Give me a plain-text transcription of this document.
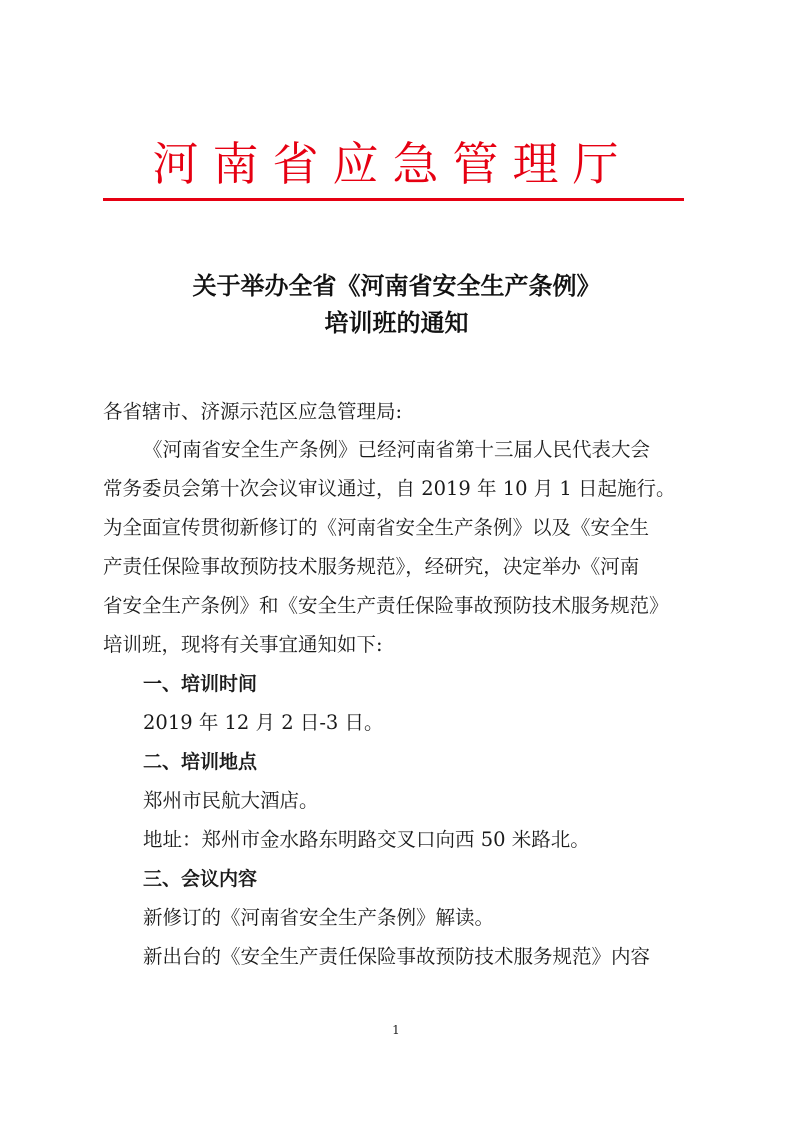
河南省应急管理厅
关于举办全省《河南省安全生产条例》
培训班的通知
各省辖市、济源示范区应急管理局:
《河南省安全生产条例》已经河南省第十三届人民代表大会
常务委员会第十次会议审议通过，自 2019 年 10 月 1 日起施行。
为全面宣传贯彻新修订的《河南省安全生产条例》以及《安全生
产责任保险事故预防技术服务规范》，经研究，决定举办《河南
省安全生产条例》和《安全生产责任保险事故预防技术服务规范》
培训班，现将有关事宜通知如下:
一、培训时间
2019 年 12 月 2 日-3 日。
二、培训地点
郑州市民航大酒店。
地址：郑州市金水路东明路交叉口向西 50 米路北。
三、会议内容
新修订的《河南省安全生产条例》解读。
新出台的《安全生产责任保险事故预防技术服务规范》内容
1
